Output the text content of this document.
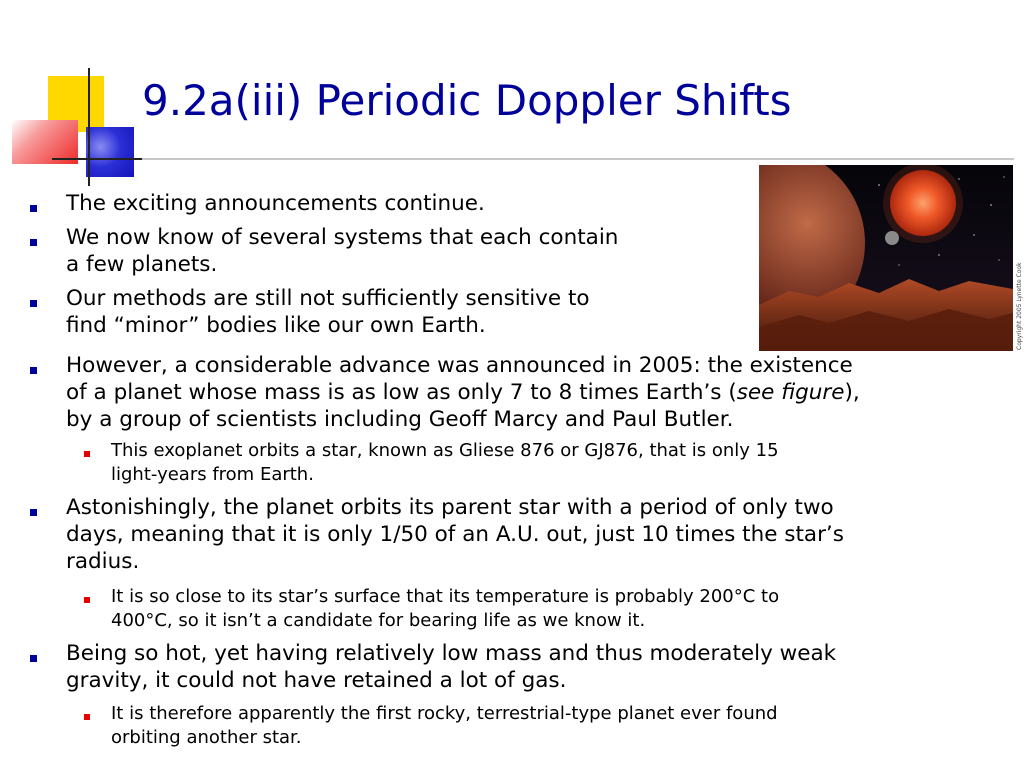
9.2a(iii) Periodic Doppler Shifts
Copyright 2005 Lynette Cook

The exciting announcements continue.

We now know of several systems that each contain

a few planets.

Our methods are still not sufficiently sensitive to

find “minor” bodies like our own Earth.

However, a considerable advance was announced in 2005: the existence

of a planet whose mass is as low as only 7 to 8 times Earth’s (see figure),

by a group of scientists including Geoff Marcy and Paul Butler.

This exoplanet orbits a star, known as Gliese 876 or GJ876, that is only 15

light-years from Earth.

Astonishingly, the planet orbits its parent star with a period of only two

days, meaning that it is only 1/50 of an A.U. out, just 10 times the star’s

radius.

It is so close to its star’s surface that its temperature is probably 200°C to

400°C, so it isn’t a candidate for bearing life as we know it.

Being so hot, yet having relatively low mass and thus moderately weak

gravity, it could not have retained a lot of gas.

It is therefore apparently the first rocky, terrestrial-type planet ever found

orbiting another star.
